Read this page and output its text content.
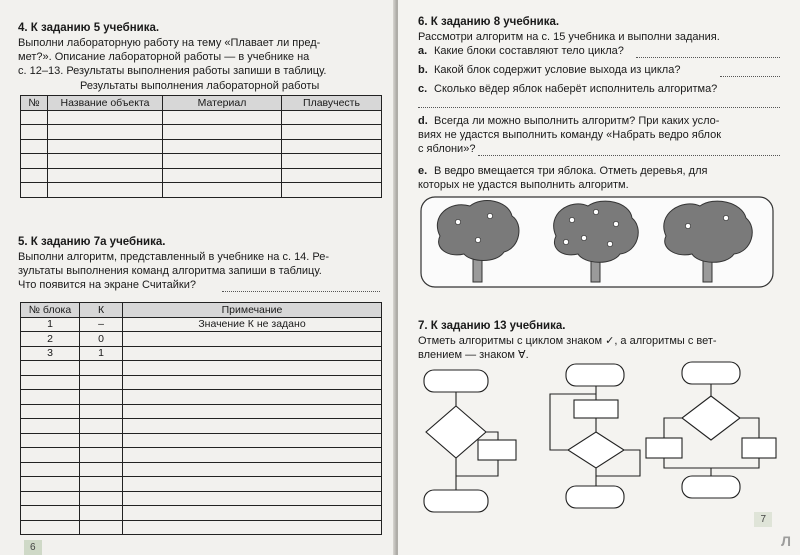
4. К заданию 5 учебника.
Выполни лабораторную работу на тему «Плавает ли пред-
мет?». Описание лабораторной работы — в учебнике на
с. 12–13. Результаты выполнения работы запиши в таблицу.
Результаты выполнения лабораторной работы
№	Название объекта	Материал	Плавучесть

5. К заданию 7а учебника.
Выполни алгоритм, представленный в учебнике на с. 14. Ре-
зультаты выполнения команд алгоритма запиши в таблицу.
Что появится на экране Считайки?
№ блока	К	Примечание
1	–	Значение К не задано
2	0	
3	1	

6
6. К заданию 8 учебника.
Рассмотри алгоритм на с. 15 учебника и выполни задания.
a. Какие блоки составляют тело цикла?
b. Какой блок содержит условие выхода из цикла?
c. Сколько вёдер яблок наберёт исполнитель алгоритма?
d. Всегда ли можно выполнить алгоритм? При каких усло-
виях не удастся выполнить команду «Набрать ведро яблок
с яблони»?
e. В ведро вмещается три яблока. Отметь деревья, для
которых не удастся выполнить алгоритм.
7. К заданию 13 учебника.
Отметь алгоритмы с циклом знаком ✓, а алгоритмы с вет-
влением — знаком ∀.
7
Л
